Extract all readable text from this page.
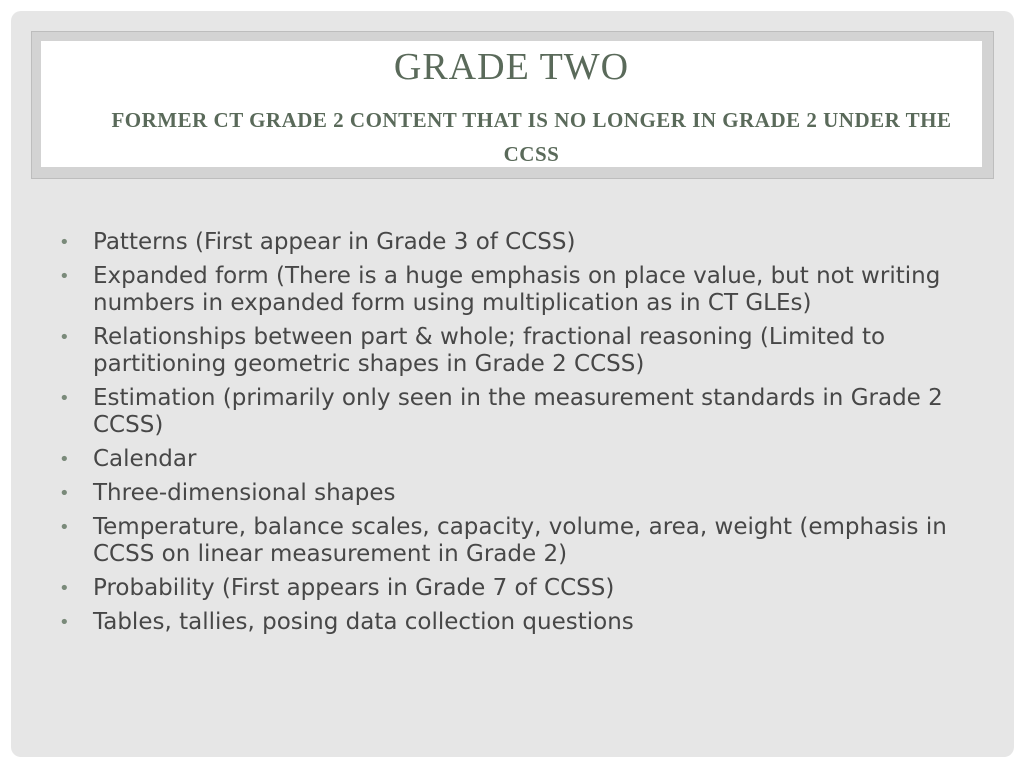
GRADE TWO
FORMER CT GRADE 2 CONTENT THAT IS NO LONGER IN GRADE 2 UNDER THE CCSS
• Patterns (First appear in Grade 3 of CCSS)
• Expanded form (There is a huge emphasis on place value, but not writing numbers in expanded form using multiplication as in CT GLEs)
• Relationships between part & whole; fractional reasoning (Limited to partitioning geometric shapes in Grade 2 CCSS)
• Estimation (primarily only seen in the measurement standards in Grade 2 CCSS)
• Calendar
• Three-dimensional shapes
• Temperature, balance scales, capacity, volume, area, weight (emphasis in CCSS on linear measurement in Grade 2)
• Probability (First appears in Grade 7 of CCSS)
• Tables, tallies, posing data collection questions
